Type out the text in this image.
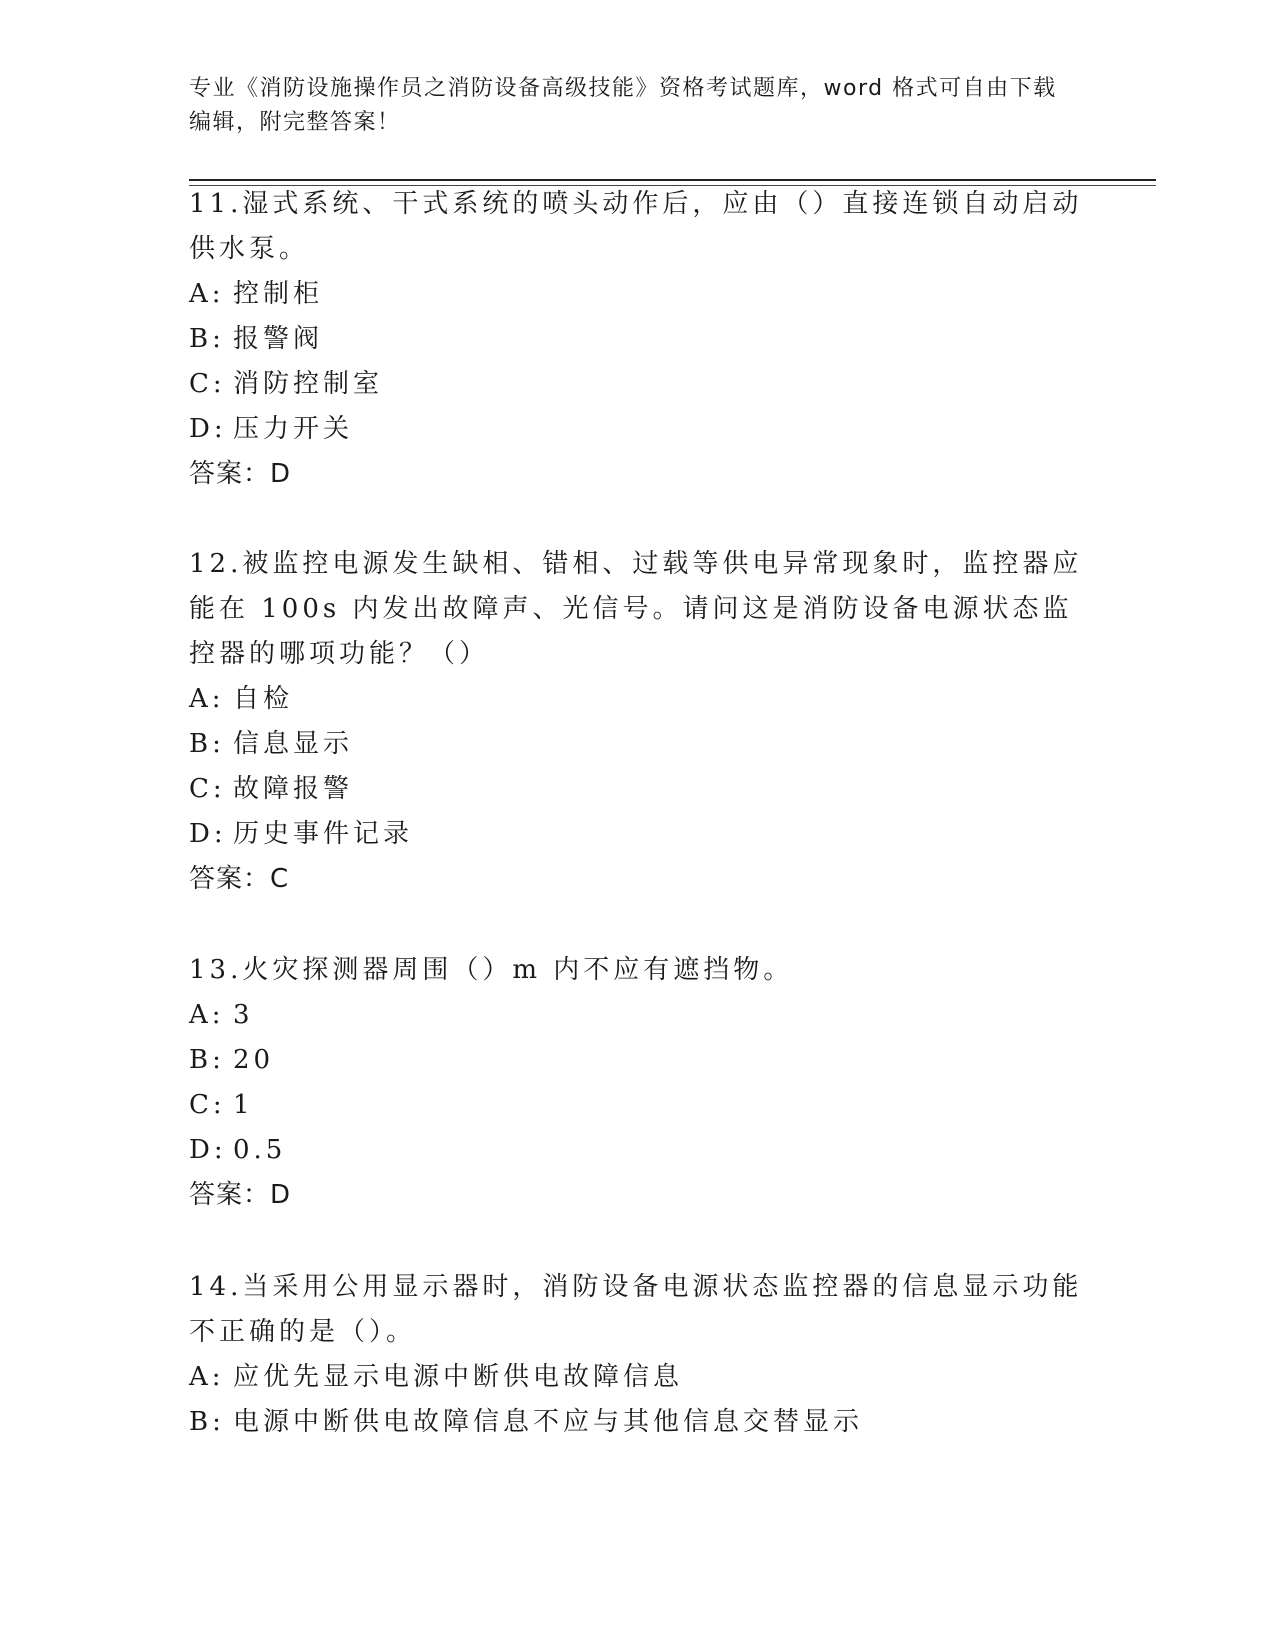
专业《消防设施操作员之消防设备高级技能》资格考试题库，word 格式可自由下载编辑，附完整答案！
11.湿式系统、干式系统的喷头动作后，应由（）直接连锁自动启动供水泵。
A: 控制柜
B: 报警阀
C: 消防控制室
D: 压力开关
答案：D
12.被监控电源发生缺相、错相、过载等供电异常现象时，监控器应能在 100s 内发出故障声、光信号。请问这是消防设备电源状态监控器的哪项功能？（）
A: 自检
B: 信息显示
C: 故障报警
D: 历史事件记录
答案：C
13.火灾探测器周围（）m 内不应有遮挡物。
A: 3
B: 20
C: 1
D: 0.5
答案：D
14.当采用公用显示器时，消防设备电源状态监控器的信息显示功能不正确的是（）。
A: 应优先显示电源中断供电故障信息
B: 电源中断供电故障信息不应与其他信息交替显示
